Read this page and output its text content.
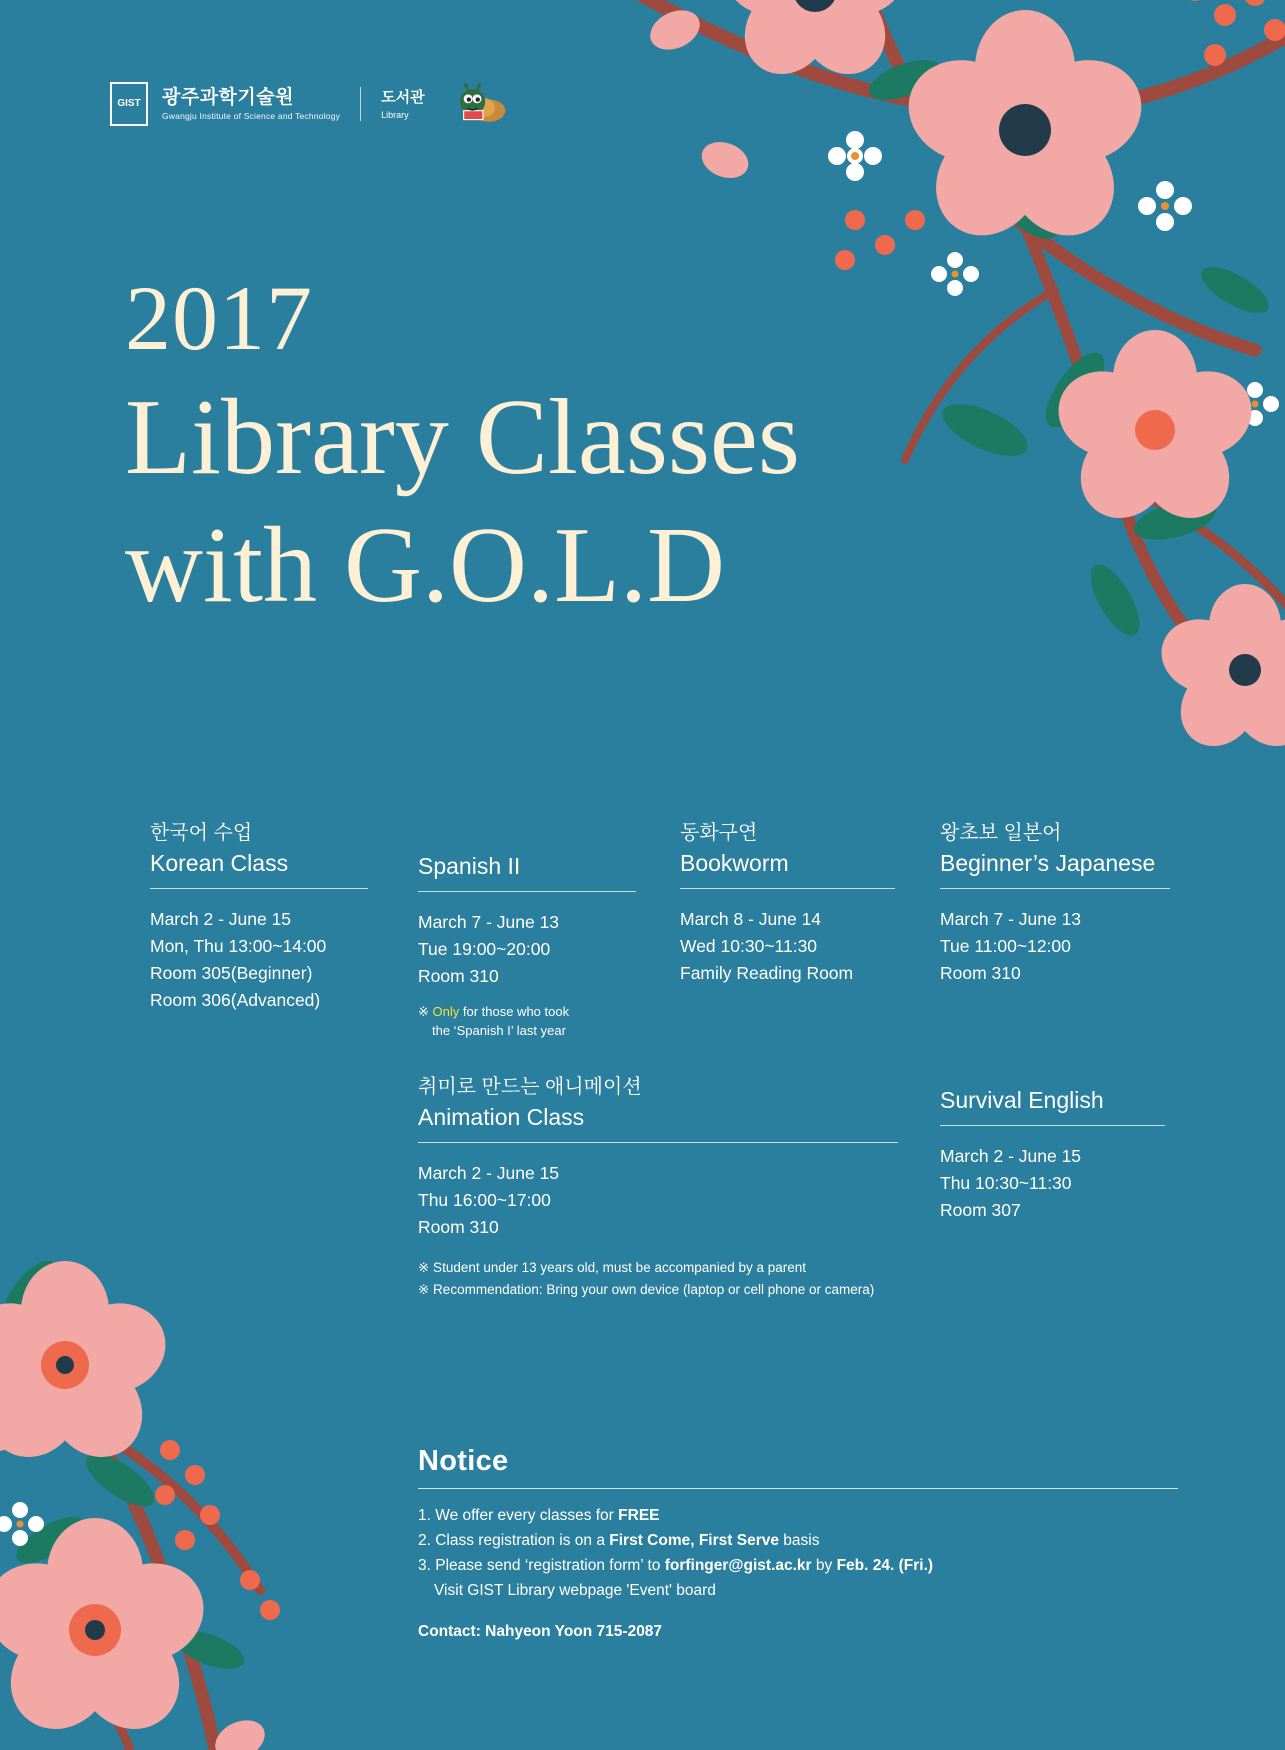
GIST	광주과학기술원
Gwangju Institute of Science and Technology
도서관
Library
2017
Library Classes
with G.O.L.D
한국어 수업
Korean Class
March 2 - June 15
Mon, Thu 13:00~14:00
Room 305(Beginner)
Room 306(Advanced)
Spanish II
March 7 - June 13
Tue 19:00~20:00
Room 310
※ Only for those who took
the ‘Spanish I’ last year
동화구연
Bookworm
March 8 - June 14
Wed 10:30~11:30
Family Reading Room
왕초보 일본어
Beginner’s Japanese
March 7 - June 13
Tue 11:00~12:00
Room 310
취미로 만드는 애니메이션
Animation Class
March 2 - June 15
Thu 16:00~17:00
Room 310
※ Student under 13 years old, must be accompanied by a parent
※ Recommendation: Bring your own device (laptop or cell phone or camera)
Survival English
March 2 - June 15
Thu 10:30~11:30
Room 307
Notice
1. We offer every classes for FREE
2. Class registration is on a First Come, First Serve basis
3. Please send ‘registration form’ to forfinger@gist.ac.kr by Feb. 24. (Fri.)
Visit GIST Library webpage 'Event' board
Contact: Nahyeon Yoon 715-2087
